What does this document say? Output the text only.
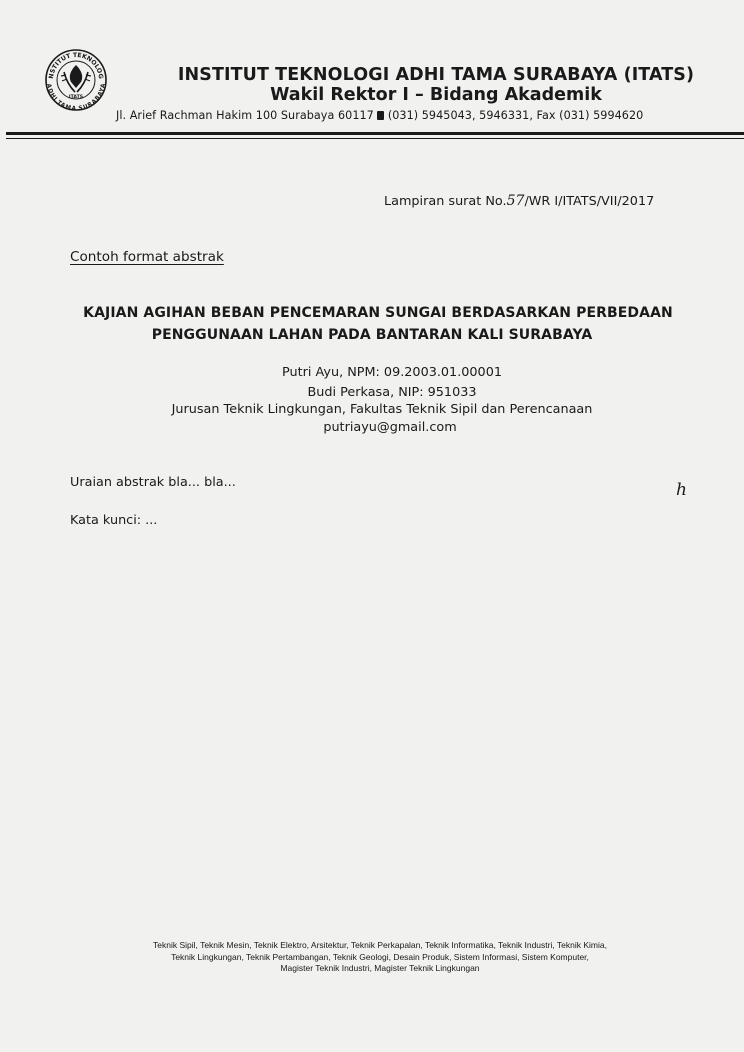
NSTITUT TEKNOLOG
ADHI TAMA SURABAYA
ITATS
INSTITUT TEKNOLOGI ADHI TAMA SURABAYA (ITATS)
Wakil Rektor I – Bidang Akademik
Jl. Arief Rachman Hakim 100 Surabaya 60117 (031) 5945043, 5946331, Fax (031) 5994620
Lampiran surat No.57/WR I/ITATS/VII/2017
Contoh format abstrak
KAJIAN AGIHAN BEBAN PENCEMARAN SUNGAI BERDASARKAN PERBEDAAN
PENGGUNAAN LAHAN PADA BANTARAN KALI SURABAYA
Putri Ayu, NPM: 09.2003.01.00001
Budi Perkasa, NIP: 951033
Jurusan Teknik Lingkungan, Fakultas Teknik Sipil dan Perencanaan
putriayu@gmail.com
Uraian abstrak bla... bla...
Kata kunci: ...
h
Teknik Sipil, Teknik Mesin, Teknik Elektro, Arsitektur, Teknik Perkapalan, Teknik Informatika, Teknik Industri, Teknik Kimia,
Teknik Lingkungan, Teknik Pertambangan, Teknik Geologi, Desain Produk, Sistem Informasi, Sistem Komputer,
Magister Teknik Industri, Magister Teknik Lingkungan
